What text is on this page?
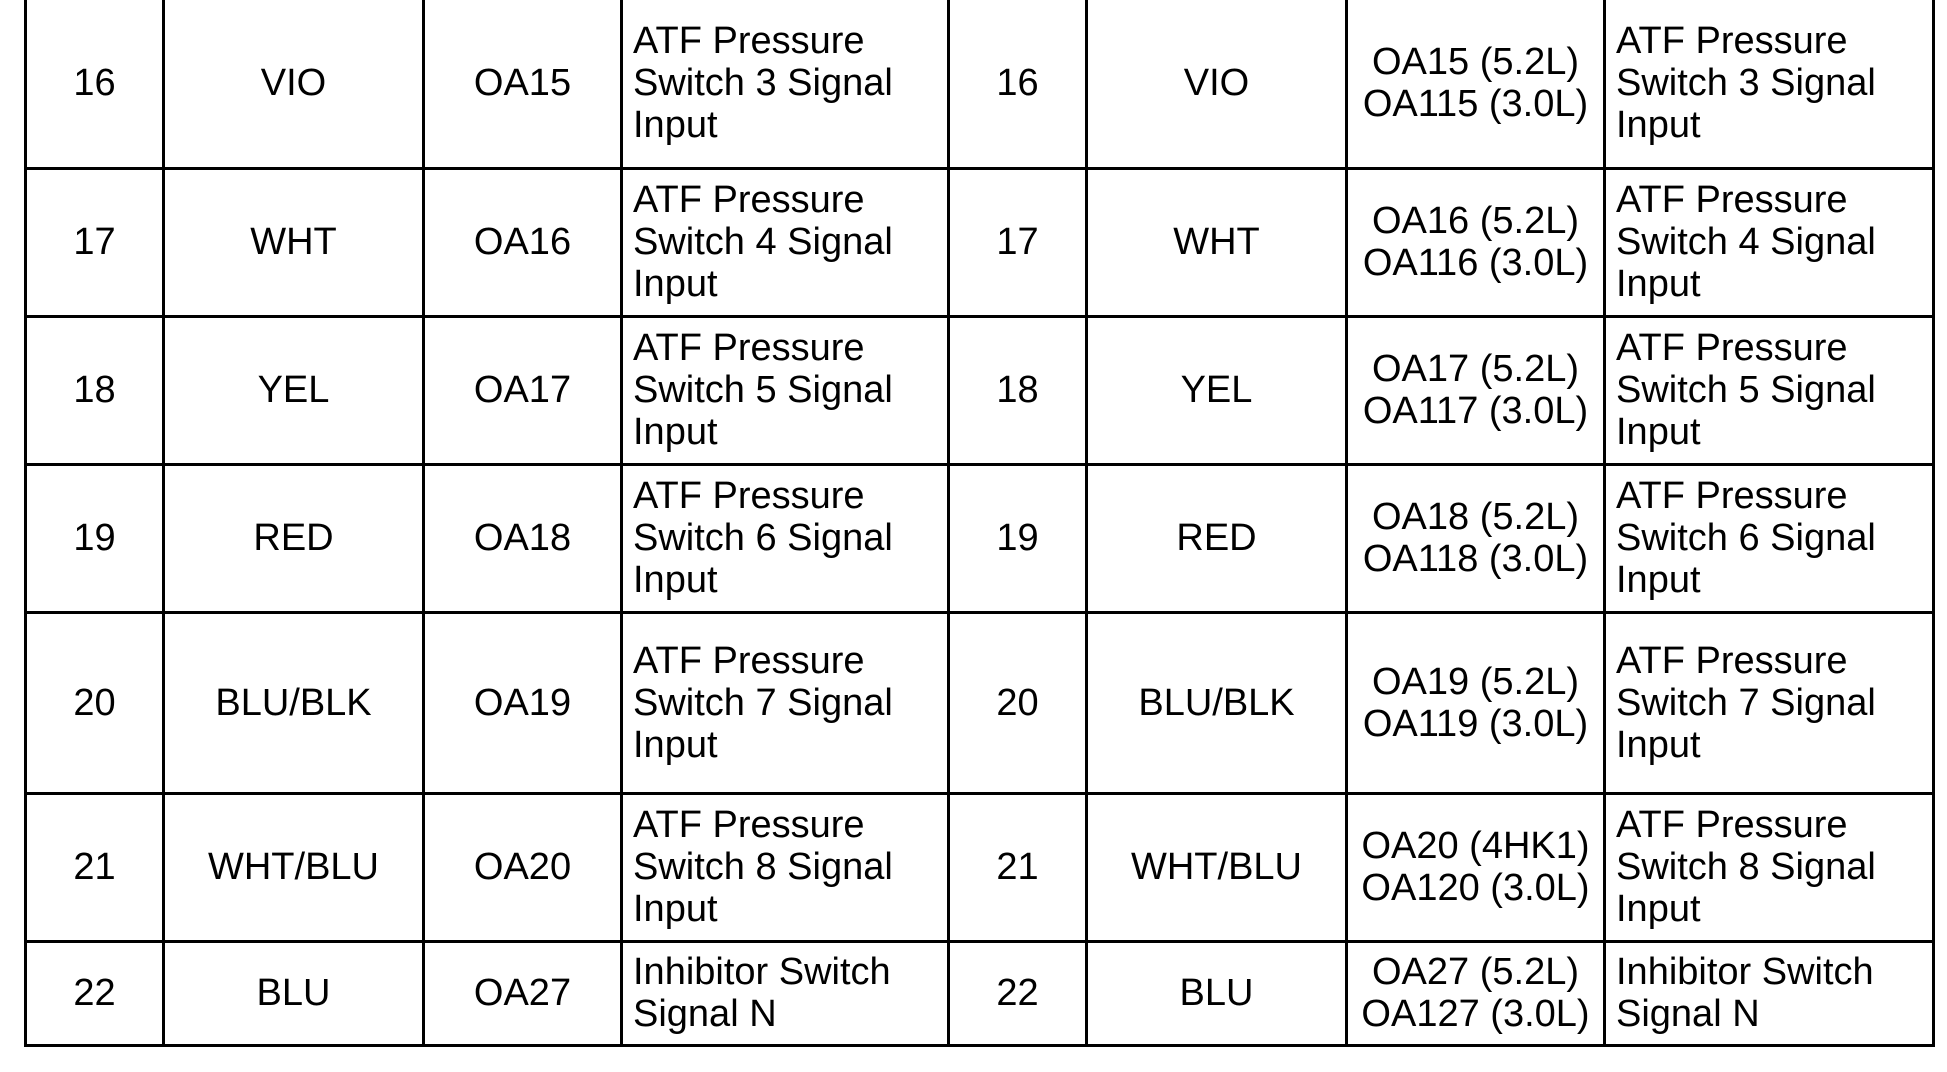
16	VIO	OA15	ATF Pressure
Switch 3 Signal
Input	16	VIO	OA15 (5.2L)
OA115 (3.0L)	ATF Pressure
Switch 3 Signal
Input

17	WHT	OA16	ATF Pressure
Switch 4 Signal
Input	17	WHT	OA16 (5.2L)
OA116 (3.0L)	ATF Pressure
Switch 4 Signal
Input

18	YEL	OA17	ATF Pressure
Switch 5 Signal
Input	18	YEL	OA17 (5.2L)
OA117 (3.0L)	ATF Pressure
Switch 5 Signal
Input

19	RED	OA18	ATF Pressure
Switch 6 Signal
Input	19	RED	OA18 (5.2L)
OA118 (3.0L)	ATF Pressure
Switch 6 Signal
Input

20	BLU/BLK	OA19	ATF Pressure
Switch 7 Signal
Input	20	BLU/BLK	OA19 (5.2L)
OA119 (3.0L)	ATF Pressure
Switch 7 Signal
Input

21	WHT/BLU	OA20	ATF Pressure
Switch 8 Signal
Input	21	WHT/BLU	OA20 (4HK1)
OA120 (3.0L)	ATF Pressure
Switch 8 Signal
Input

22	BLU	OA27	Inhibitor Switch
Signal N	22	BLU	OA27 (5.2L)
OA127 (3.0L)	Inhibitor Switch
Signal N
